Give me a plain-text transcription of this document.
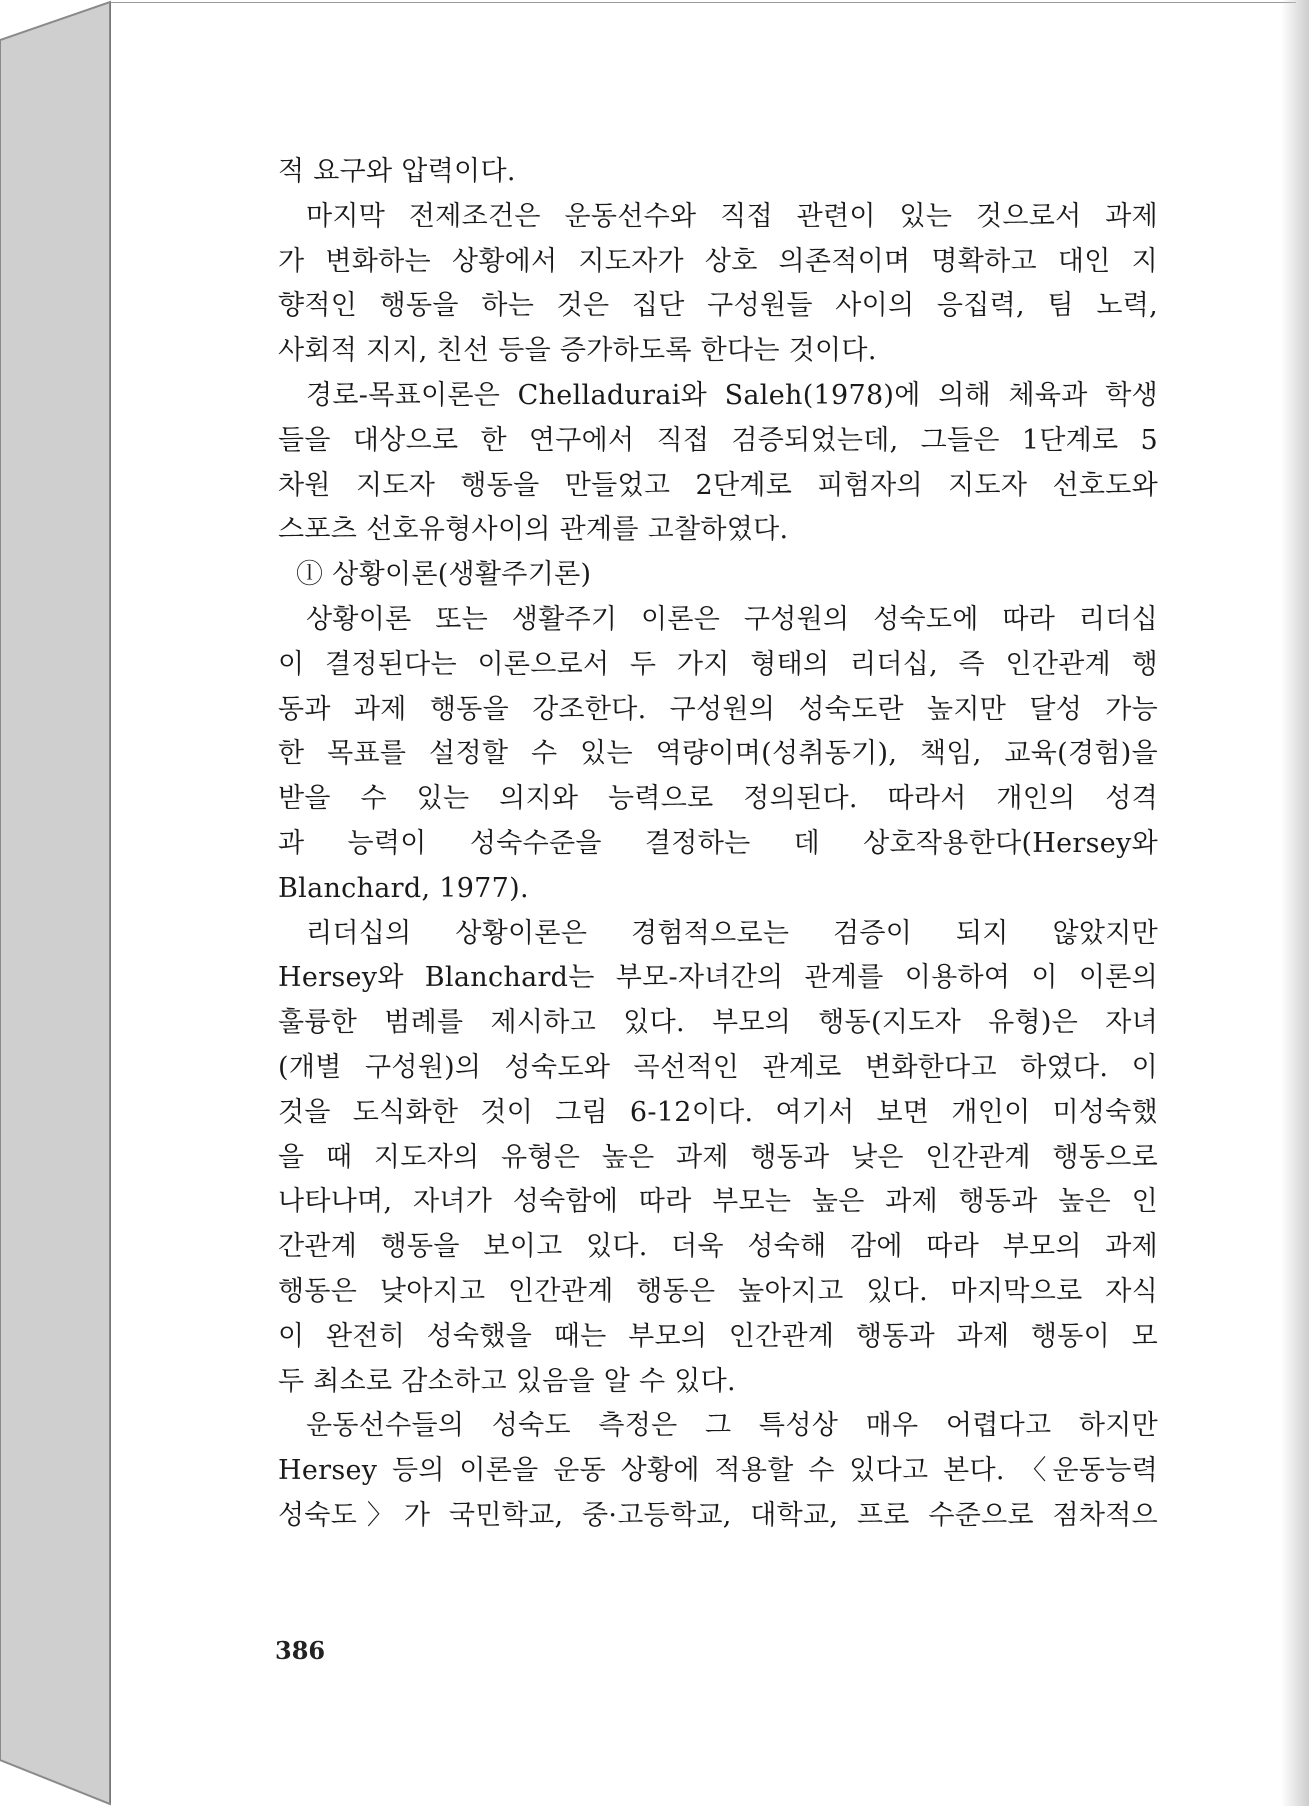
적 요구와 압력이다.
마지막 전제조건은 운동선수와 직접 관련이 있는 것으로서 과제
가 변화하는 상황에서 지도자가 상호 의존적이며 명확하고 대인 지
향적인 행동을 하는 것은 집단 구성원들 사이의 응집력, 팀 노력,
사회적 지지, 친선 등을 증가하도록 한다는 것이다.
경로-목표이론은 Chelladurai와 Saleh(1978)에 의해 체육과 학생
들을 대상으로 한 연구에서 직접 검증되었는데, 그들은 1단계로 5
차원 지도자 행동을 만들었고 2단계로 피험자의 지도자 선호도와
스포츠 선호유형사이의 관계를 고찰하였다.
ⓛ 상황이론(생활주기론)
상황이론 또는 생활주기 이론은 구성원의 성숙도에 따라 리더십
이 결정된다는 이론으로서 두 가지 형태의 리더십, 즉 인간관계 행
동과 과제 행동을 강조한다. 구성원의 성숙도란 높지만 달성 가능
한 목표를 설정할 수 있는 역량이며(성취동기), 책임, 교육(경험)을
받을 수 있는 의지와 능력으로 정의된다. 따라서 개인의 성격
과 능력이 성숙수준을 결정하는 데 상호작용한다(Hersey와
Blanchard, 1977).
리더십의 상황이론은 경험적으로는 검증이 되지 않았지만
Hersey와 Blanchard는 부모-자녀간의 관계를 이용하여 이 이론의
훌륭한 범례를 제시하고 있다. 부모의 행동(지도자 유형)은 자녀
(개별 구성원)의 성숙도와 곡선적인 관계로 변화한다고 하였다. 이
것을 도식화한 것이 그림 6-12이다. 여기서 보면 개인이 미성숙했
을 때 지도자의 유형은 높은 과제 행동과 낮은 인간관계 행동으로
나타나며, 자녀가 성숙함에 따라 부모는 높은 과제 행동과 높은 인
간관계 행동을 보이고 있다. 더욱 성숙해 감에 따라 부모의 과제
행동은 낮아지고 인간관계 행동은 높아지고 있다. 마지막으로 자식
이 완전히 성숙했을 때는 부모의 인간관계 행동과 과제 행동이 모
두 최소로 감소하고 있음을 알 수 있다.
운동선수들의 성숙도 측정은 그 특성상 매우 어렵다고 하지만
Hersey 등의 이론을 운동 상황에 적용할 수 있다고 본다. 〈운동능력
성숙도〉가 국민학교, 중·고등학교, 대학교, 프로 수준으로 점차적으
386
